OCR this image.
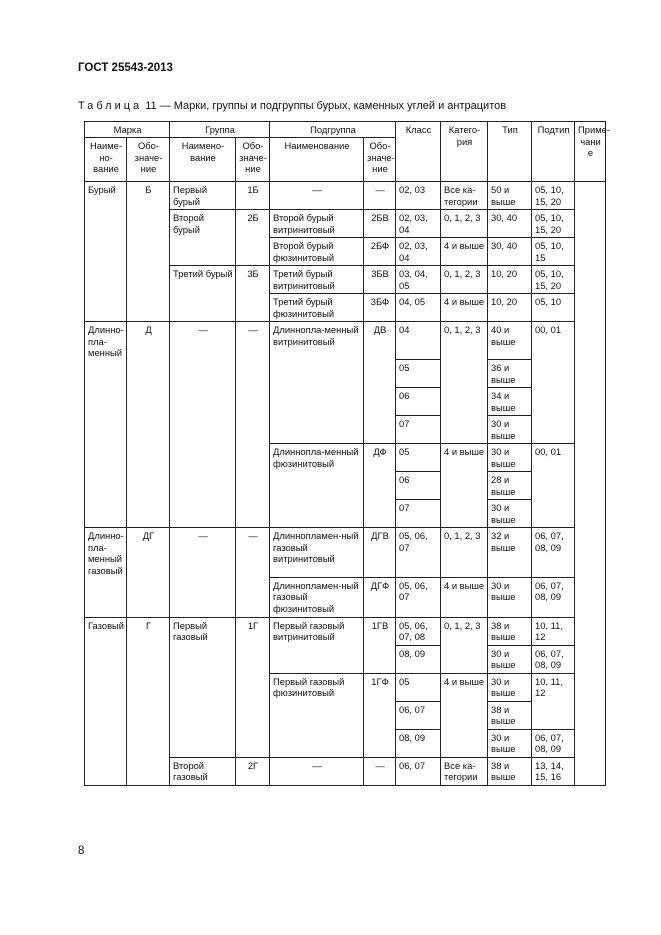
ГОСТ 25543-2013
Таблица 11 — Марки, группы и подгруппы бурых, каменных углей и антрацитов
Марка		Группа		Подгруппа		Класс	Катего-рия	Тип	Подтип	Приме-чани е
Наиме-но-вание	Обо-значе-ние	Наимено-вание	Обо-значе-ние	Наименование	Обо-значе-ние					
Бурый	Б	Первый бурый	1Б	—	—	02, 03	Все ка-тегории	50 и выше	05, 10, 15, 20	
		Второй бурый	2Б	Второй бурый витринитовый	2БВ	02, 03, 04	0, 1, 2, 3	30, 40	05, 10, 15, 20	
				Второй бурый фюзинитовый	2БФ	02, 03, 04	4 и выше	30, 40	05, 10, 15	
		Третий бурый	3Б	Третий бурый витринитовый	3БВ	03, 04, 05	0, 1, 2, 3	10, 20	05, 10, 15, 20	
				Третий бурый фюзинитовый	3БФ	04, 05	4 и выше	10, 20	05, 10	
Длинно-пла-менный	Д	—	—	Длиннопла-менный витринитовый	ДВ	04	0, 1, 2, 3	40 и выше	00, 01	
						05		36 и выше		
						06		34 и выше		
						07		30 и выше		
				Длиннопла-менный фюзинитовый	ДФ	05	4 и выше	30 и выше	00, 01	
						06		28 и выше		
						07		30 и выше		
Длинно-пла-менный газовый	ДГ	—	—	Длиннопламен-ный газовый витринитовый	ДГВ	05, 06, 07	0, 1, 2, 3	32 и выше	06, 07, 08, 09	
				Длиннопламен-ный газовый фюзинитовый	ДГФ	05, 06, 07	4 и выше	30 и выше	06, 07, 08, 09	
Газовый	Г	Первый газовый	1Г	Первый газовый витринитовый	1ГВ	05, 06, 07, 08	0, 1, 2, 3	38 и выше	10, 11, 12	
						08, 09		30 и выше	06, 07, 08, 09	
				Первый газовый фюзинитовый	1ГФ	05	4 и выше	30 и выше	10, 11, 12	
						06, 07		38 и выше		
						08, 09		30 и выше	06, 07, 08, 09	
		Второй газовый	2Г	—	—	06, 07	Все ка-тегории	38 и выше	13, 14, 15, 16	
8
